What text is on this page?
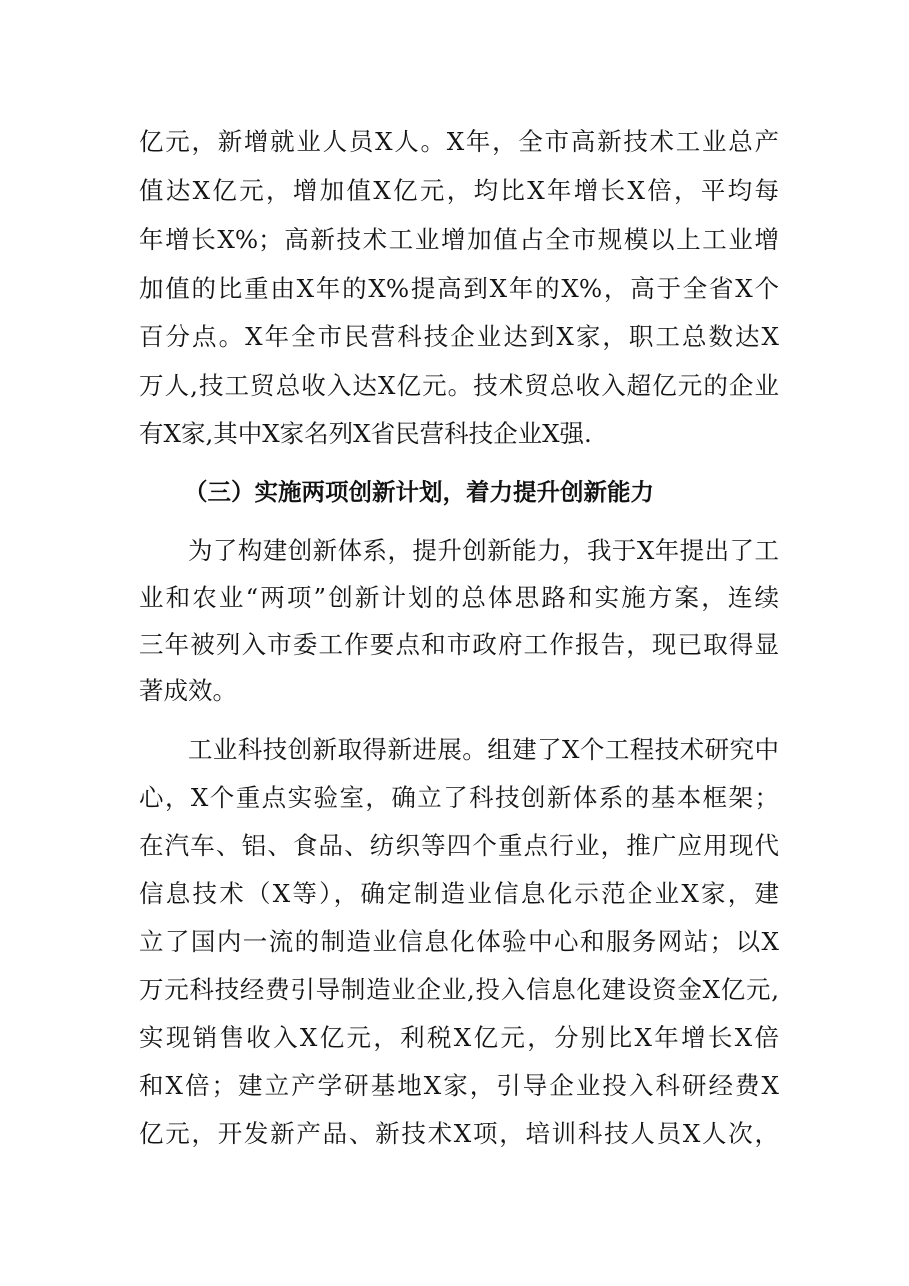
亿元，新增就业人员X人。X年，全市高新技术工业总产
值达X亿元，增加值X亿元，均比X年增长X倍，平均每
年增长X%；高新技术工业增加值占全市规模以上工业增
加值的比重由X年的X%提高到X年的X%，高于全省X个
百分点。X年全市民营科技企业达到X家，职工总数达X
万人,技工贸总收入达X亿元。技术贸总收入超亿元的企业
有X家,其中X家名列X省民营科技企业X强.
（三）实施两项创新计划，着力提升创新能力
为了构建创新体系，提升创新能力，我于X年提出了工
业和农业“两项”创新计划的总体思路和实施方案，连续
三年被列入市委工作要点和市政府工作报告，现已取得显
著成效。
工业科技创新取得新进展。组建了X个工程技术研究中
心，X个重点实验室，确立了科技创新体系的基本框架；
在汽车、铝、食品、纺织等四个重点行业，推广应用现代
信息技术（X等），确定制造业信息化示范企业X家，建
立了国内一流的制造业信息化体验中心和服务网站；以X
万元科技经费引导制造业企业,投入信息化建设资金X亿元,
实现销售收入X亿元，利税X亿元，分别比X年增长X倍
和X倍；建立产学研基地X家，引导企业投入科研经费X
亿元，开发新产品、新技术X项，培训科技人员X人次，
